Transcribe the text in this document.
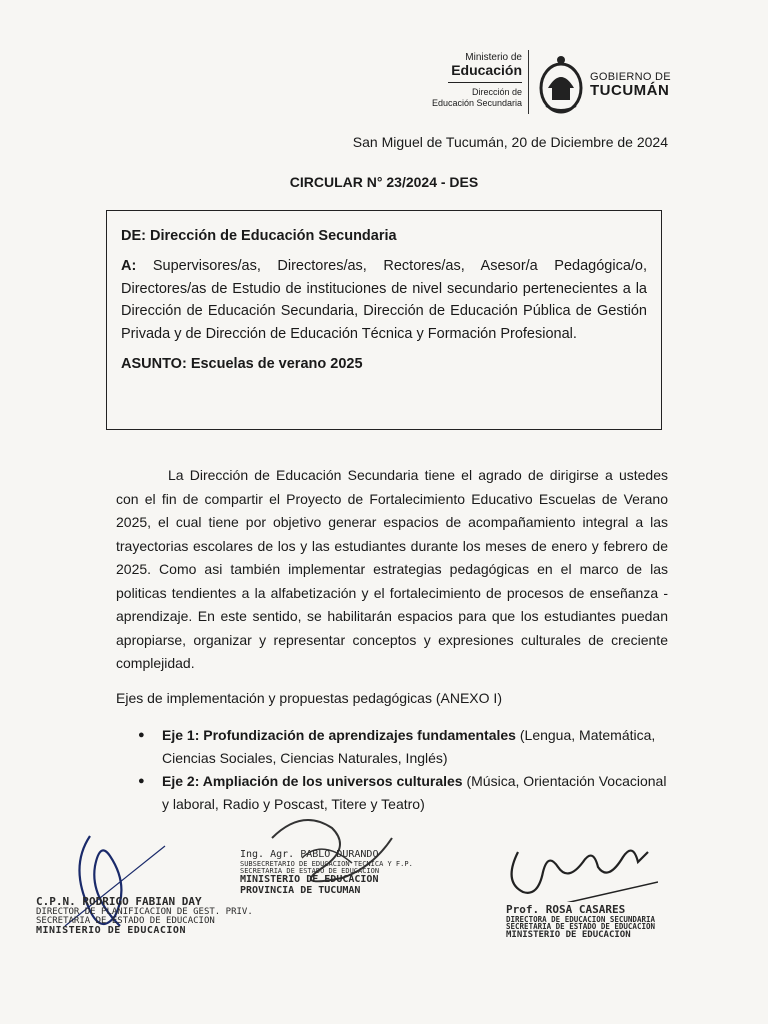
Ministerio de
Educación
Dirección de
Educación Secundaria
GOBIERNO DE
TUCUMÁN
San Miguel de Tucumán, 20 de Diciembre de 2024
CIRCULAR N° 23/2024 - DES
DE: Dirección de Educación Secundaria
A: Supervisores/as, Directores/as, Rectores/as, Asesor/a Pedagógica/o, Directores/as de Estudio de instituciones de nivel secundario pertenecientes a la Dirección de Educación Secundaria, Dirección de Educación Pública de Gestión Privada y de Dirección de Educación Técnica y Formación Profesional.
ASUNTO: Escuelas de verano 2025
La Dirección de Educación Secundaria tiene el agrado de dirigirse a ustedes con el fin de compartir el Proyecto de Fortalecimiento Educativo Escuelas de Verano 2025, el cual tiene por objetivo generar espacios de acompañamiento integral a las trayectorias escolares de los y las estudiantes durante los meses de enero y febrero de 2025. Como asi también implementar estrategias pedagógicas en el marco de las politicas tendientes a la alfabetización y el fortalecimiento de procesos de enseñanza - aprendizaje. En este sentido, se habilitarán espacios para que los estudiantes puedan apropiarse, organizar y representar conceptos y expresiones culturales de creciente complejidad.
Ejes de implementación y propuestas pedagógicas (ANEXO I)
● Eje 1: Profundización de aprendizajes fundamentales (Lengua, Matemática, Ciencias Sociales, Ciencias Naturales, Inglés)
● Eje 2: Ampliación de los universos culturales (Música, Orientación Vocacional y laboral, Radio y Poscast, Titere y Teatro)
C.P.N. RODRIGO FABIAN DAY
DIRECTOR DE PLANIFICACION DE GEST. PRIV.
SECRETARIA DE ESTADO DE EDUCACION
MINISTERIO DE EDUCACION
Ing. Agr. PABLO DURANDO
SUBSECRETARIO DE EDUCACION TECNICA Y F.P.
SECRETARIA DE ESTADO DE EDUCACION
MINISTERIO DE EDUCACION
PROVINCIA DE TUCUMAN
Prof. ROSA CASARES
DIRECTORA DE EDUCACION SECUNDARIA
SECRETARIA DE ESTADO DE EDUCACION
MINISTERIO DE EDUCACION
